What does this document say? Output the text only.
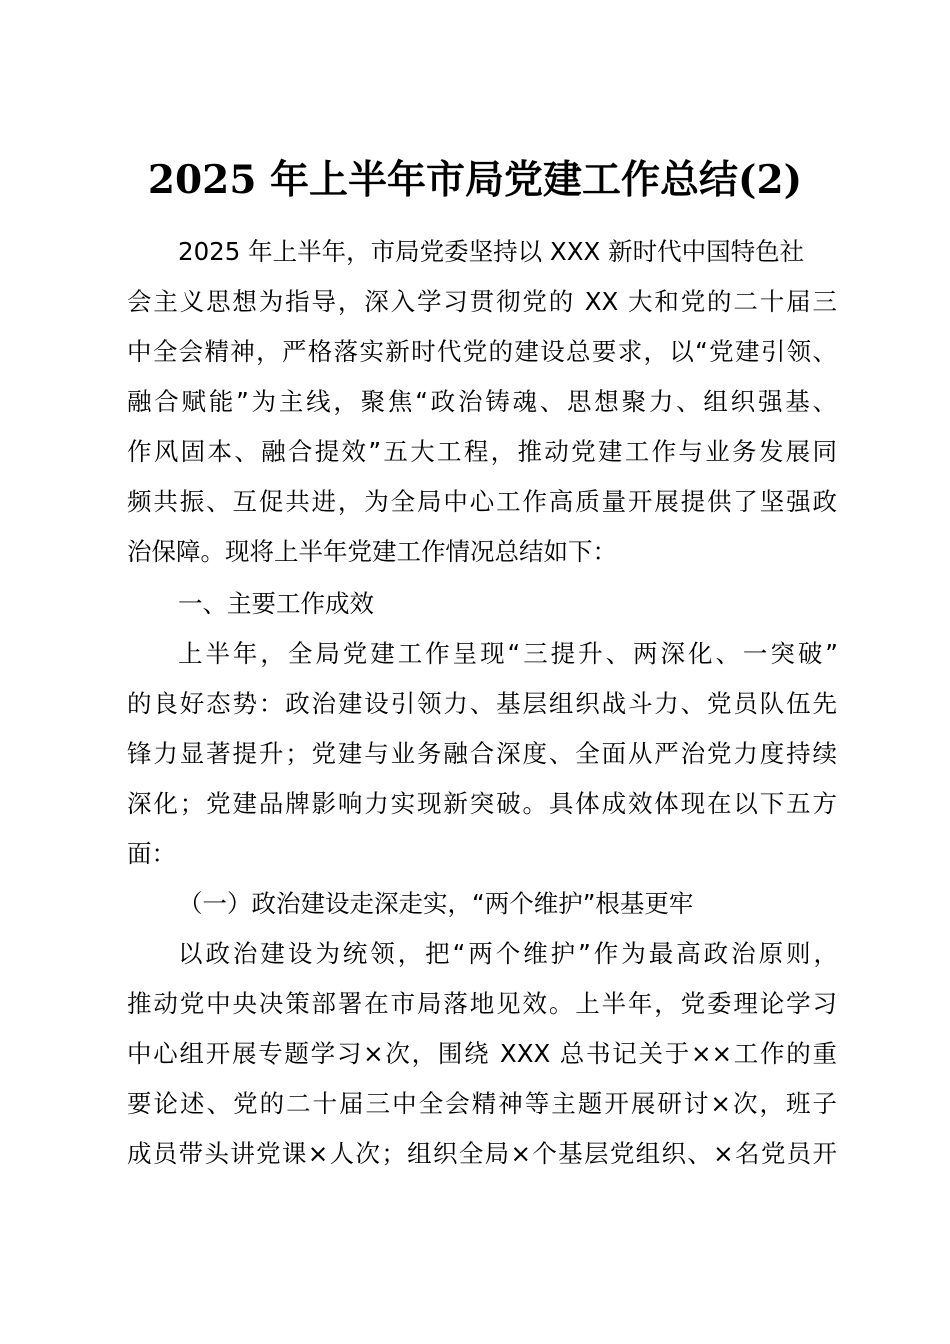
2025 年上半年市局党建工作总结(2)

2025 年上半年，市局党委坚持以 XXX 新时代中国特色社

会主义思想为指导，深入学习贯彻党的 XX 大和党的二十届三

中全会精神，严格落实新时代党的建设总要求，以“党建引领、

融合赋能”为主线，聚焦“政治铸魂、思想聚力、组织强基、

作风固本、融合提效”五大工程，推动党建工作与业务发展同

频共振、互促共进，为全局中心工作高质量开展提供了坚强政

治保障。现将上半年党建工作情况总结如下：

一、主要工作成效

上半年，全局党建工作呈现“三提升、两深化、一突破”

的良好态势：政治建设引领力、基层组织战斗力、党员队伍先

锋力显著提升；党建与业务融合深度、全面从严治党力度持续

深化；党建品牌影响力实现新突破。具体成效体现在以下五方

面：

（一）政治建设走深走实，“两个维护”根基更牢

以政治建设为统领，把“两个维护”作为最高政治原则，

推动党中央决策部署在市局落地见效。上半年，党委理论学习

中心组开展专题学习×次，围绕 XXX 总书记关于××工作的重

要论述、党的二十届三中全会精神等主题开展研讨×次，班子

成员带头讲党课×人次；组织全局×个基层党组织、×名党员开
